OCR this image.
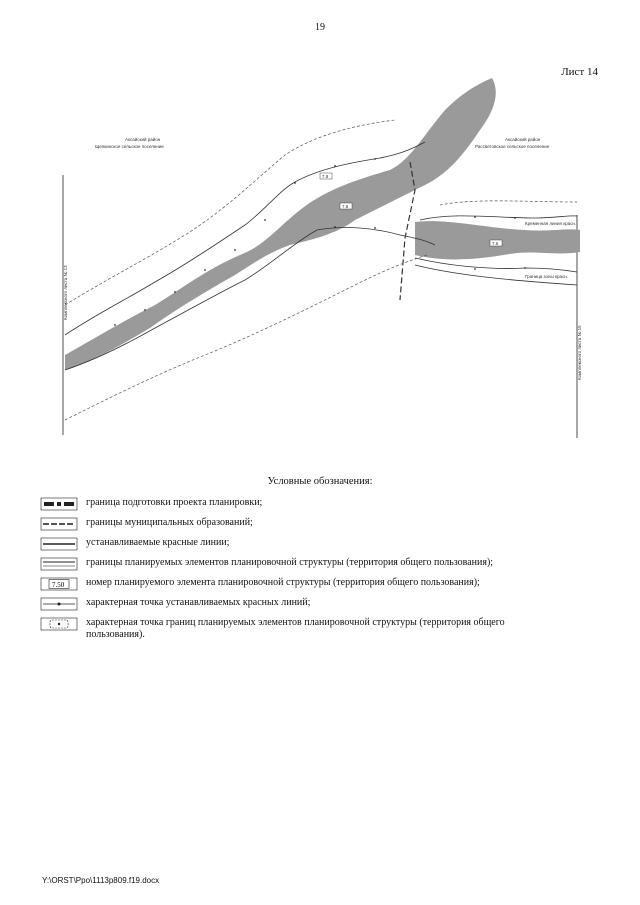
19
Лист 14
Аксайский район
Щепкинское сельское поселение
Аксайский район
Рассветовское сельское поселение
7.9
7.8
7.6
Кременная линия красн.
Граница зоны красн.
Комплексного листа № 13
Комплексного листа № 15
Условные обозначения:
граница подготовки проекта планировки;
границы муниципальных образований;
устанавливаемые красные линии;
границы планируемых элементов планировочной структуры (территория общего пользования);
7.50 номер планируемого элемента планировочной структуры (территория общего пользования);
характерная точка устанавливаемых красных линий;
характерная точка границ планируемых элементов планировочной структуры (территория общего пользования).
Y:\ORST\Ppo\1113p809.f19.docx
